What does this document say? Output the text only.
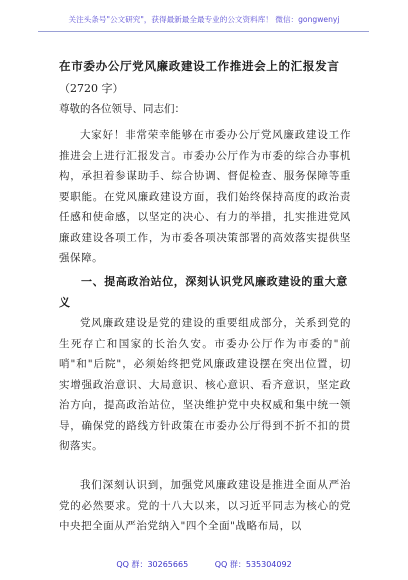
关注头条号"公文研究"，获得最新最全最专业的公文资料库！ 微信：gongwenyj
在市委办公厅党风廉政建设工作推进会上的汇报发言
（2720 字）
尊敬的各位领导、同志们：
大家好！非常荣幸能够在市委办公厅党风廉政建设工作推进会上进行汇报发言。市委办公厅作为市委的综合办事机构，承担着参谋助手、综合协调、督促检查、服务保障等重要职能。在党风廉政建设方面，我们始终保持高度的政治责任感和使命感，以坚定的决心、有力的举措，扎实推进党风廉政建设各项工作，为市委各项决策部署的高效落实提供坚强保障。
一、提高政治站位，深刻认识党风廉政建设的重大意义
党风廉政建设是党的建设的重要组成部分，关系到党的生死存亡和国家的长治久安。市委办公厅作为市委的"前哨"和"后院"，必须始终把党风廉政建设摆在突出位置，切实增强政治意识、大局意识、核心意识、看齐意识，坚定政治方向，提高政治站位，坚决维护党中央权威和集中统一领导，确保党的路线方针政策在市委办公厅得到不折不扣的贯彻落实。
我们深刻认识到，加强党风廉政建设是推进全面从严治党的必然要求。党的十八大以来，以习近平同志为核心的党中央把全面从严治党纳入"四个全面"战略布局，以
QQ 群：30265665	QQ 群：535304092
